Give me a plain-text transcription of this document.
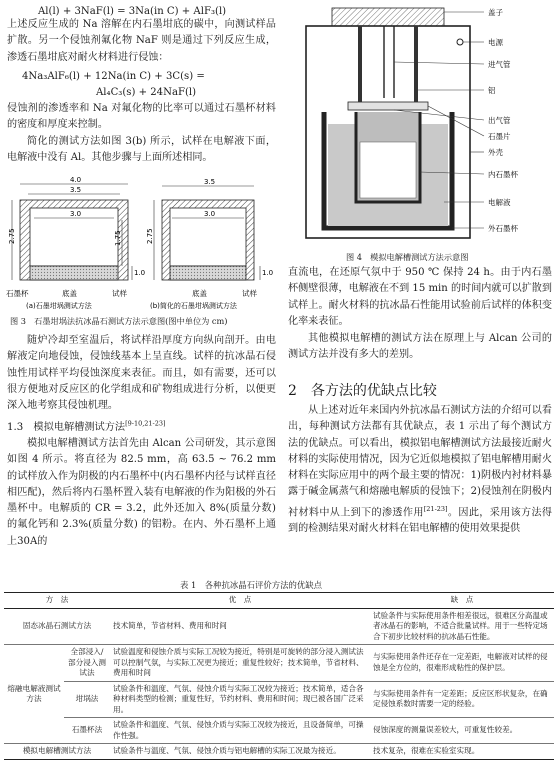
Al(l) + 3NaF(l) = 3Na(in C) + AlF₃(l)

上述反应生成的 Na 溶解在内石墨坩底的碳中，向测试样品扩散。另一个侵蚀剂氟化物 NaF 则是通过下列反应生成，渗透石墨坩底对耐火材料进行侵蚀：

4Na₃AlF₆(l) + 12Na(in C) + 3C(s) =
Al₄C₃(s) + 24NaF(l)

侵蚀剂的渗透率和 Na 对氟化物的比率可以通过石墨杯材料的密度和厚度来控制。

简化的测试方法如图 3(b) 所示，试样在电解液下面，电解液中没有 Al。其他步骤与上面所述相同。

4.0
3.5
3.0
2.75	1.75
1.0
石墨杯	底盖	试样
(a)石墨坩埚测试方法
3.5
3.0
2.75
1.0
底盖	试样
(b)简化的石墨坩埚测试方法
图 3　石墨坩埚法抗冰晶石测试方法示意图(图中单位为 cm)

随炉冷却至室温后，将试样沿厚度方向纵向剖开。由电解液定向地侵蚀，侵蚀线基本上呈直线。试样的抗冰晶石侵蚀性用试样平均侵蚀深度来表征。而且，如有需要，还可以很方便地对反应区的化学组成和矿物组成进行分析，以便更深入地考察其侵蚀机理。

1.3　模拟电解槽测试方法[9-10,21-23]

模拟电解槽测试方法首先由 Alcan 公司研发，其示意图如图 4 所示。将直径为 82.5 mm，高 63.5 ~ 76.2 mm 的试样放入作为阴极的内石墨杯中(内石墨杯内径与试样直径相匹配)，然后将内石墨杯置入装有电解液的作为阳极的外石墨杯中。电解质的 CR = 3.2，此外还加入 8%(质量分数) 的氟化钙和 2.3%(质量分数) 的铝粉。在内、外石墨杯上通上30A的

盖子
电源
进气管
铝
出气管
石墨片
外壳
内石墨杯
电解液
外石墨杯
图 4　模拟电解槽测试方法示意图

直流电，在还原气氛中于 950 ℃ 保持 24 h。由于内石墨杯侧壁很薄，电解液在不到 15 min 的时间内就可以扩散到试样上。耐火材料的抗冰晶石性能用试验前后试样的体积变化率来表征。

其他模拟电解槽的测试方法在原理上与 Alcan 公司的测试方法并没有多大的差别。

2　各方法的优缺点比较

从上述对近年来国内外抗冰晶石测试方法的介绍可以看出，每种测试方法都有其优缺点，表 1 示出了每个测试方法的优缺点。可以看出，模拟铝电解槽测试方法最接近耐火材料的实际使用情况，因为它近似地模拟了铝电解槽用耐火材料在实际应用中的两个最主要的情况：1)阴极内衬材料暴露于碱金属蒸气和熔融电解质的侵蚀下；2)侵蚀剂在阴极内衬材料中从上到下的渗透作用[21-23]。因此，采用该方法得到的检测结果对耐火材料在铝电解槽的使用效果提供

表 1　各种抗冰晶石评价方法的优缺点
方　法		优　点	缺　点
固态冰晶石测试方法		技术简单，节省材料、费用和时间	试验条件与实际使用条件相差很远，很难区分高温或者冰晶石的影响，不适合批量试样。用于一些特定场合下初步比较材料的抗冰晶石性能。
熔融电解液测试方法	全部浸入/部分浸入测试法	试验温度和侵蚀介质与实际工况较为接近，特别是可旋转的部分浸入测试法可以控制气氛，与实际工况更为接近；重复性较好；技术简单，节省材料、费用和时间	与实际使用条件还存在一定差距，电解液对试样的侵蚀是全方位的，很难形成粘性的保护层。
	坩埚法	试验条件和温度、气氛、侵蚀介质与实际工况较为接近；技术简单，适合各种材料类型的检测；重复性好，节约材料、费用和时间；现已被各国广泛采用。	与实际使用条件有一定差距；反应区形状复杂，在确定侵蚀系数时需要一定的经验。
	石墨杯法	试验条件和温度、气氛、侵蚀介质与实际工况较为接近，且设备简单，可操作性强。	侵蚀深度的测量误差较大，可重复性较差。
模拟电解槽测试方法		试验条件与温度、气氛、侵蚀介质与铝电解槽的实际工况最为接近。	技术复杂，很难在实验室实现。
